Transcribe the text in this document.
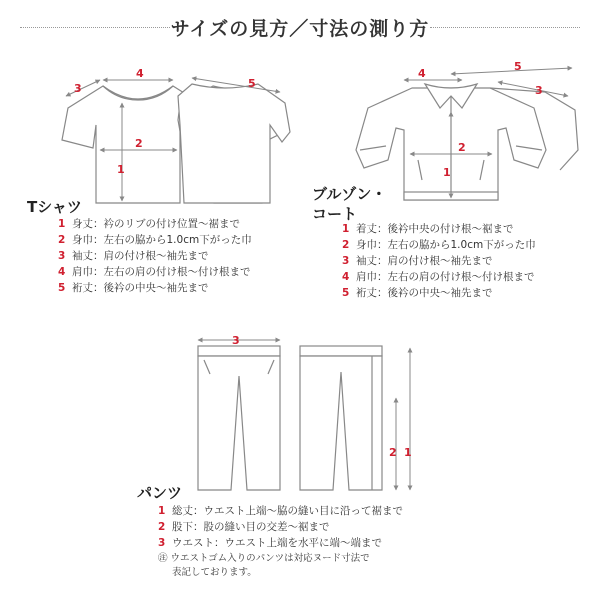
サイズの見方／寸法の測り方
4
3	5
2
1
4
5
3
2
1
3
2 1
Tシャツ
1 身丈：衿のリブの付け位置～裾まで
2 身巾：左右の脇から1.0cm下がった巾
3 袖丈：肩の付け根～袖先まで
4 肩巾：左右の肩の付け根～付け根まで
5 裄丈：後衿の中央～袖先まで
ブルゾン・
コート
1 着丈：後衿中央の付け根～裾まで
2 身巾：左右の脇から1.0cm下がった巾
3 袖丈：肩の付け根～袖先まで
4 肩巾：左右の肩の付け根～付け根まで
5 裄丈：後衿の中央～袖先まで
パンツ
1 総丈：ウエスト上端～脇の縫い目に沿って裾まで
2 股下：股の縫い目の交差～裾まで
3 ウエスト：ウエスト上端を水平に端～端まで
㊟ ウエストゴム入りのパンツは対応ヌード寸法で
表記しております。
